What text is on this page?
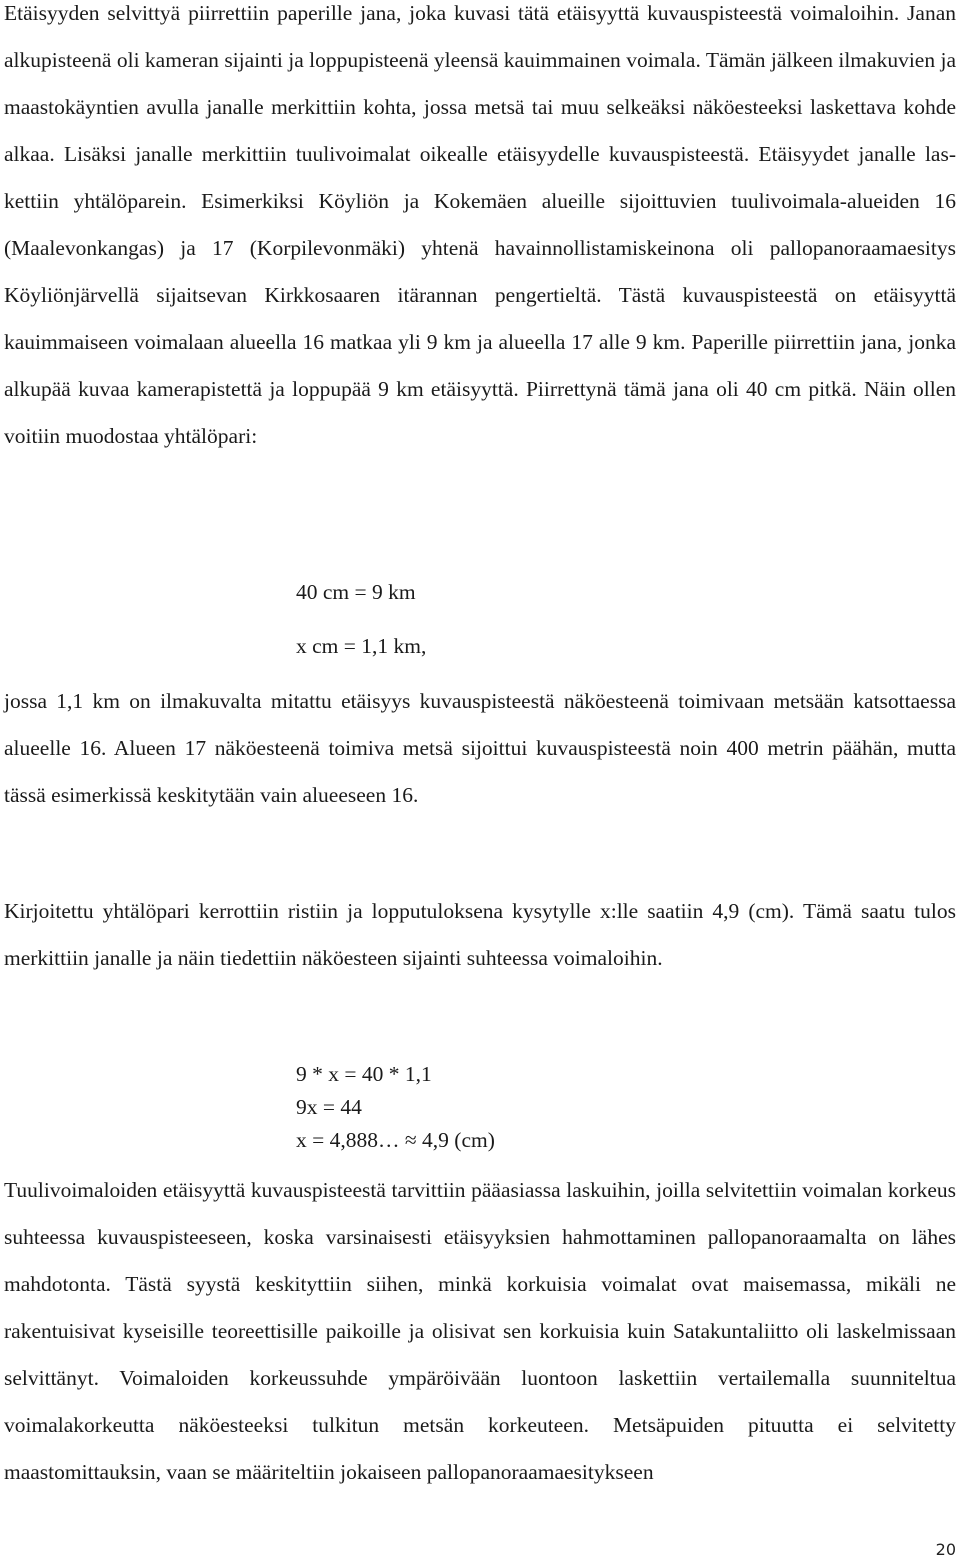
Etäisyyden selvittyä piirrettiin paperille jana, joka kuvasi tätä etäisyyttä kuvauspisteestä voimaloihin. Janan alkupisteenä oli kameran sijainti ja loppupisteenä yleensä kauimmainen voimala. Tämän jälkeen ilmakuvien ja maastokäyntien avulla janalle merkittiin kohta, jossa metsä tai muu selkeäksi näköesteeksi laskettava kohde alkaa. Lisäksi janalle merkittiin tuulivoimalat oikealle etäisyydelle kuvauspisteestä. Etäisyydet janalle laskettiin yhtälöparein. Esimerkiksi Köyliön ja Kokemäen alueille sijoittuvien tuulivoimala-alueiden 16 (Maalevonkangas) ja 17 (Korpilevonmäki) yhtenä havainnollistamiskeinona oli pallopanoraamaesitys Köyliönjärvellä sijaitsevan Kirkkosaaren itärannan pengertieltä. Tästä kuvauspisteestä on etäisyyttä kauimmaiseen voimalaan alueella 16 matkaa yli 9 km ja alueella 17 alle 9 km. Paperille piirrettiin jana, jonka alkupää kuvaa kamerapistettä ja loppupää 9 km etäisyyttä. Piirrettynä tämä jana oli 40 cm pitkä. Näin ollen voitiin muodostaa yhtälöpari:

40 cm = 9 km
x cm = 1,1 km,

jossa 1,1 km on ilmakuvalta mitattu etäisyys kuvauspisteestä näköesteenä toimivaan metsään katsottaessa alueelle 16. Alueen 17 näköesteenä toimiva metsä sijoittui kuvauspisteestä noin 400 metrin päähän, mutta tässä esimerkissä keskitytään vain alueeseen 16.

Kirjoitettu yhtälöpari kerrottiin ristiin ja lopputuloksena kysytylle x:lle saatiin 4,9 (cm). Tämä saatu tulos merkittiin janalle ja näin tiedettiin näköesteen sijainti suhteessa voimaloihin.

9 * x = 40 * 1,1
9x = 44
x = 4,888… ≈ 4,9 (cm)

Tuulivoimaloiden etäisyyttä kuvauspisteestä tarvittiin pääasiassa laskuihin, joilla selvitettiin voimalan korkeus suhteessa kuvauspisteeseen, koska varsinaisesti etäisyyksien hahmottaminen pallopanoraamalta on lähes mahdotonta. Tästä syystä keskityttiin siihen, minkä korkuisia voimalat ovat maisemassa, mikäli ne rakentuisivat kyseisille teoreettisille paikoille ja olisivat sen korkuisia kuin Satakuntaliitto oli laskelmissaan selvittänyt. Voimaloiden korkeussuhde ympäröivään luontoon laskettiin vertailemalla suunniteltua voimalakorkeutta näköesteeksi tulkitun metsän korkeuteen. Metsäpuiden pituutta ei selvitetty maastomittauksin, vaan se määriteltiin jokaiseen pallopanoraamaesitykseen

20
